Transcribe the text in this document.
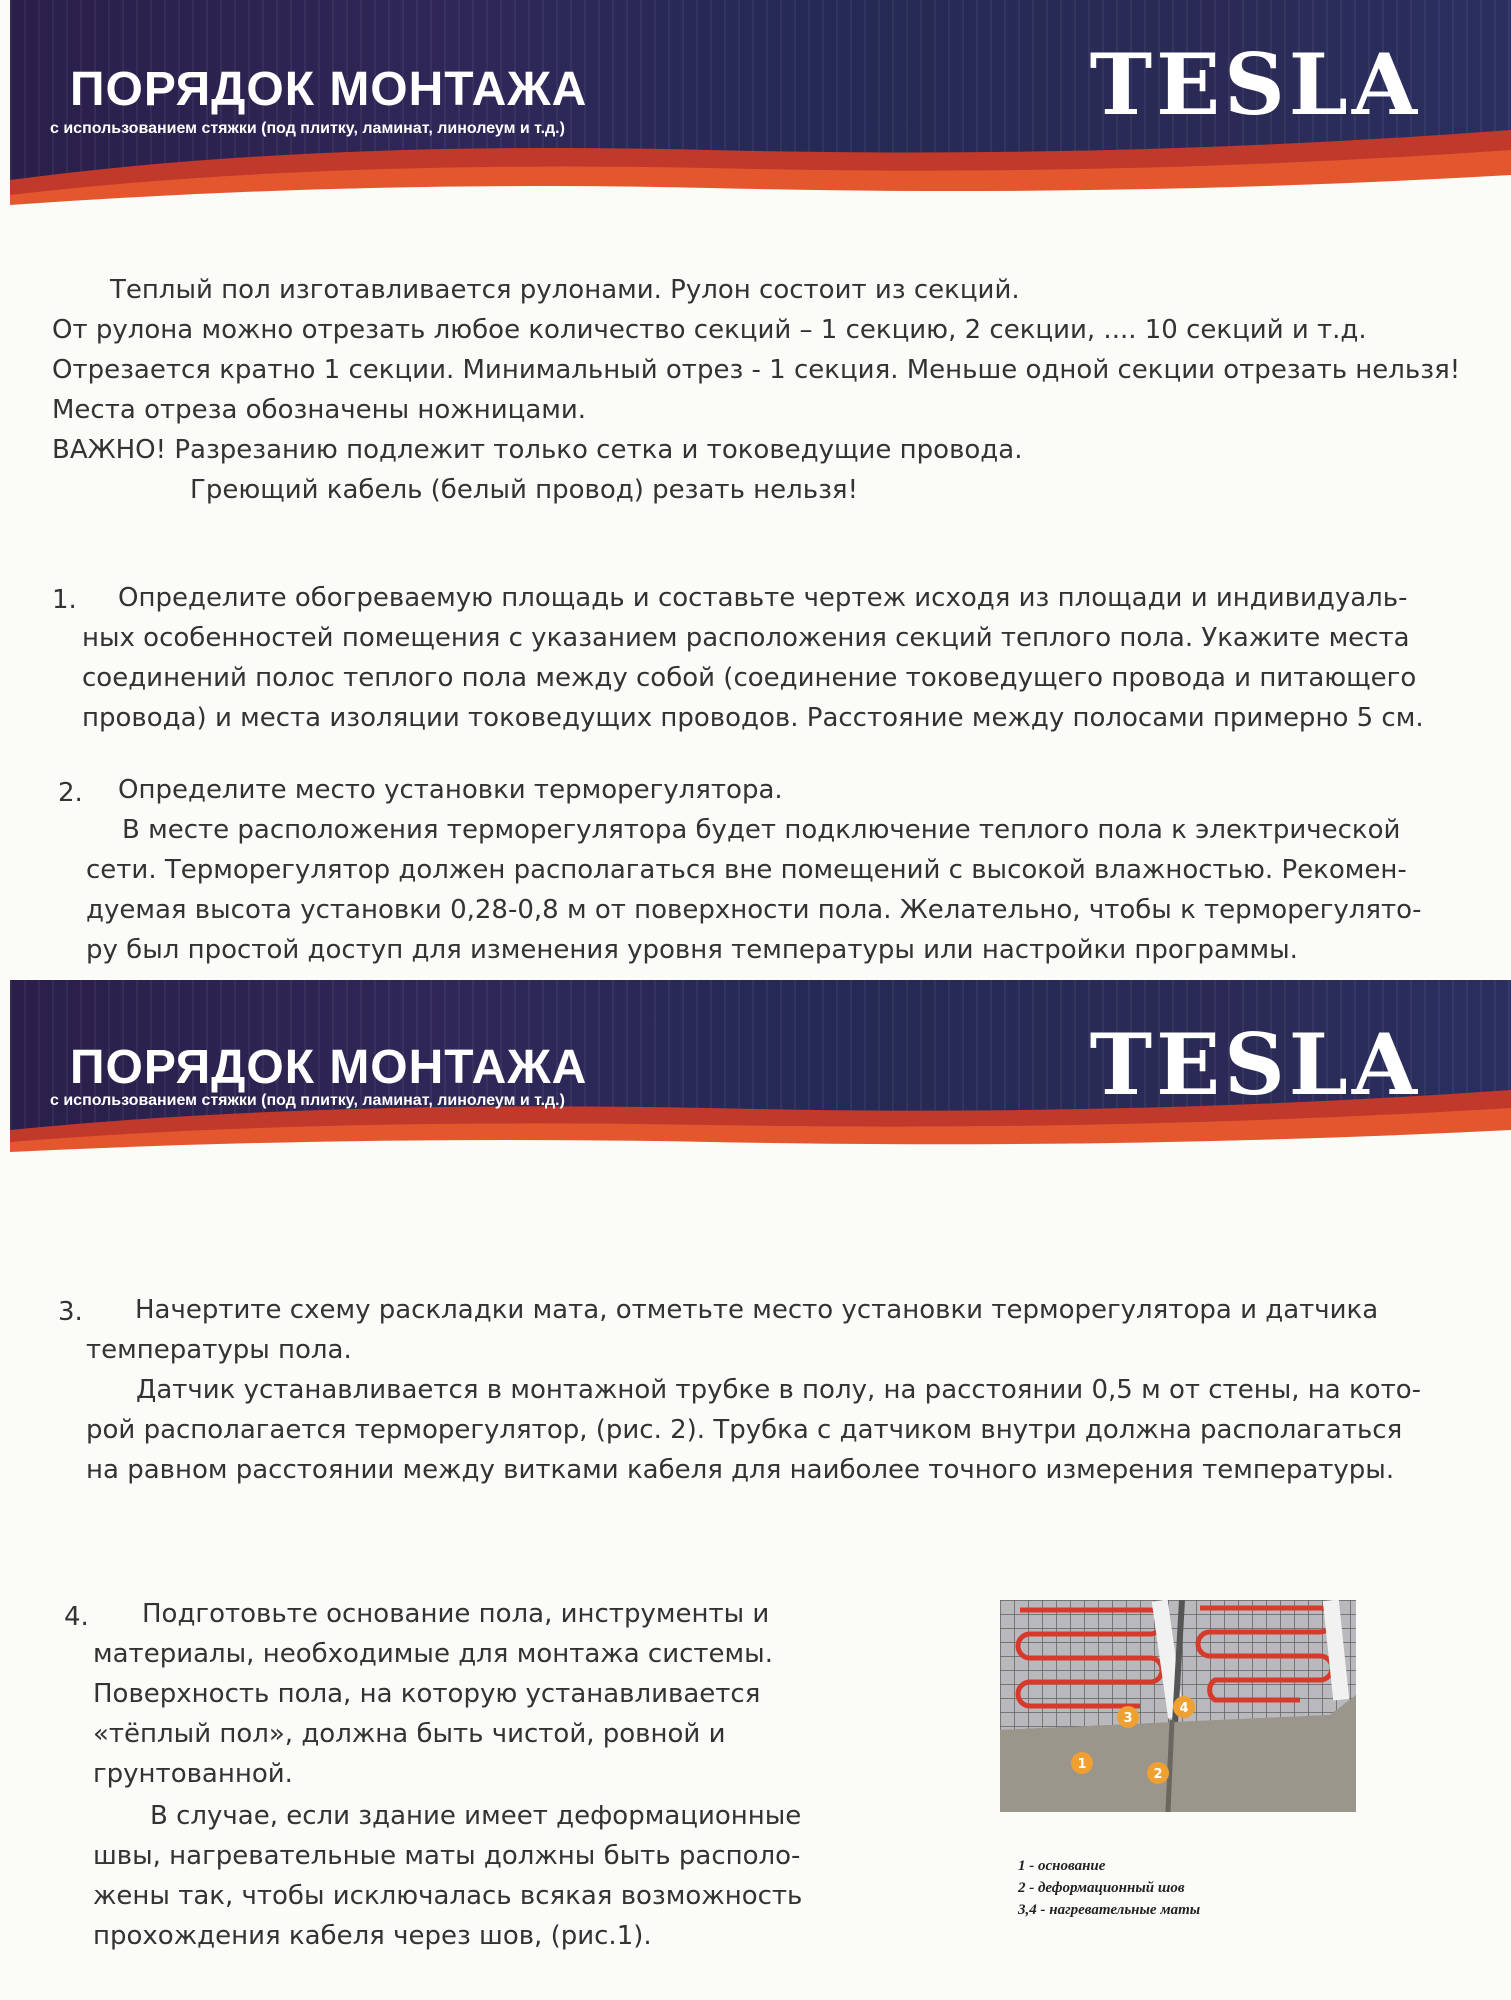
ПОРЯДОК МОНТАЖА
с использованием стяжки (под плитку, ламинат, линолеум и т.д.)	TESLA
Теплый пол изготавливается рулонами. Рулон состоит из секций.
От рулона можно отрезать любое количество секций – 1 секцию, 2 секции, .... 10 секций и т.д.
Отрезается кратно 1 секции. Минимальный отрез - 1 секция. Меньше одной секции отрезать нельзя!
Места отреза обозначены ножницами.
ВАЖНО! Разрезанию подлежит только сетка и токоведущие провода.
Греющий кабель (белый провод) резать нельзя!
1. Определите обогреваемую площадь и составьте чертеж исходя из площади и индивидуаль-
ных особенностей помещения с указанием расположения секций теплого пола. Укажите места
соединений полос теплого пола между собой (соединение токоведущего провода и питающего
провода) и места изоляции токоведущих проводов. Расстояние между полосами примерно 5 см.
2. Определите место установки терморегулятора.
В месте расположения терморегулятора будет подключение теплого пола к электрической
сети. Терморегулятор должен располагаться вне помещений с высокой влажностью. Рекомен-
дуемая высота установки 0,28-0,8 м от поверхности пола. Желательно, чтобы к терморегулято-
ру был простой доступ для изменения уровня температуры или настройки программы.
ПОРЯДОК МОНТАЖА
с использованием стяжки (под плитку, ламинат, линолеум и т.д.)	TESLA
3. Начертите схему раскладки мата, отметьте место установки терморегулятора и датчика
температуры пола.
Датчик устанавливается в монтажной трубке в полу, на расстоянии 0,5 м от стены, на кото-
рой располагается терморегулятор, (рис. 2). Трубка с датчиком внутри должна располагаться
на равном расстоянии между витками кабеля для наиболее точного измерения температуры.
4. Подготовьте основание пола, инструменты и
материалы, необходимые для монтажа системы.
Поверхность пола, на которую устанавливается
«тёплый пол», должна быть чистой, ровной и
грунтованной.
В случае, если здание имеет деформационные
швы, нагревательные маты должны быть располо-
жены так, чтобы исключалась всякая возможность
прохождения кабеля через шов, (рис.1).
1
2
3
4
1 - основание
2 - деформационный шов
3,4 - нагревательные маты
